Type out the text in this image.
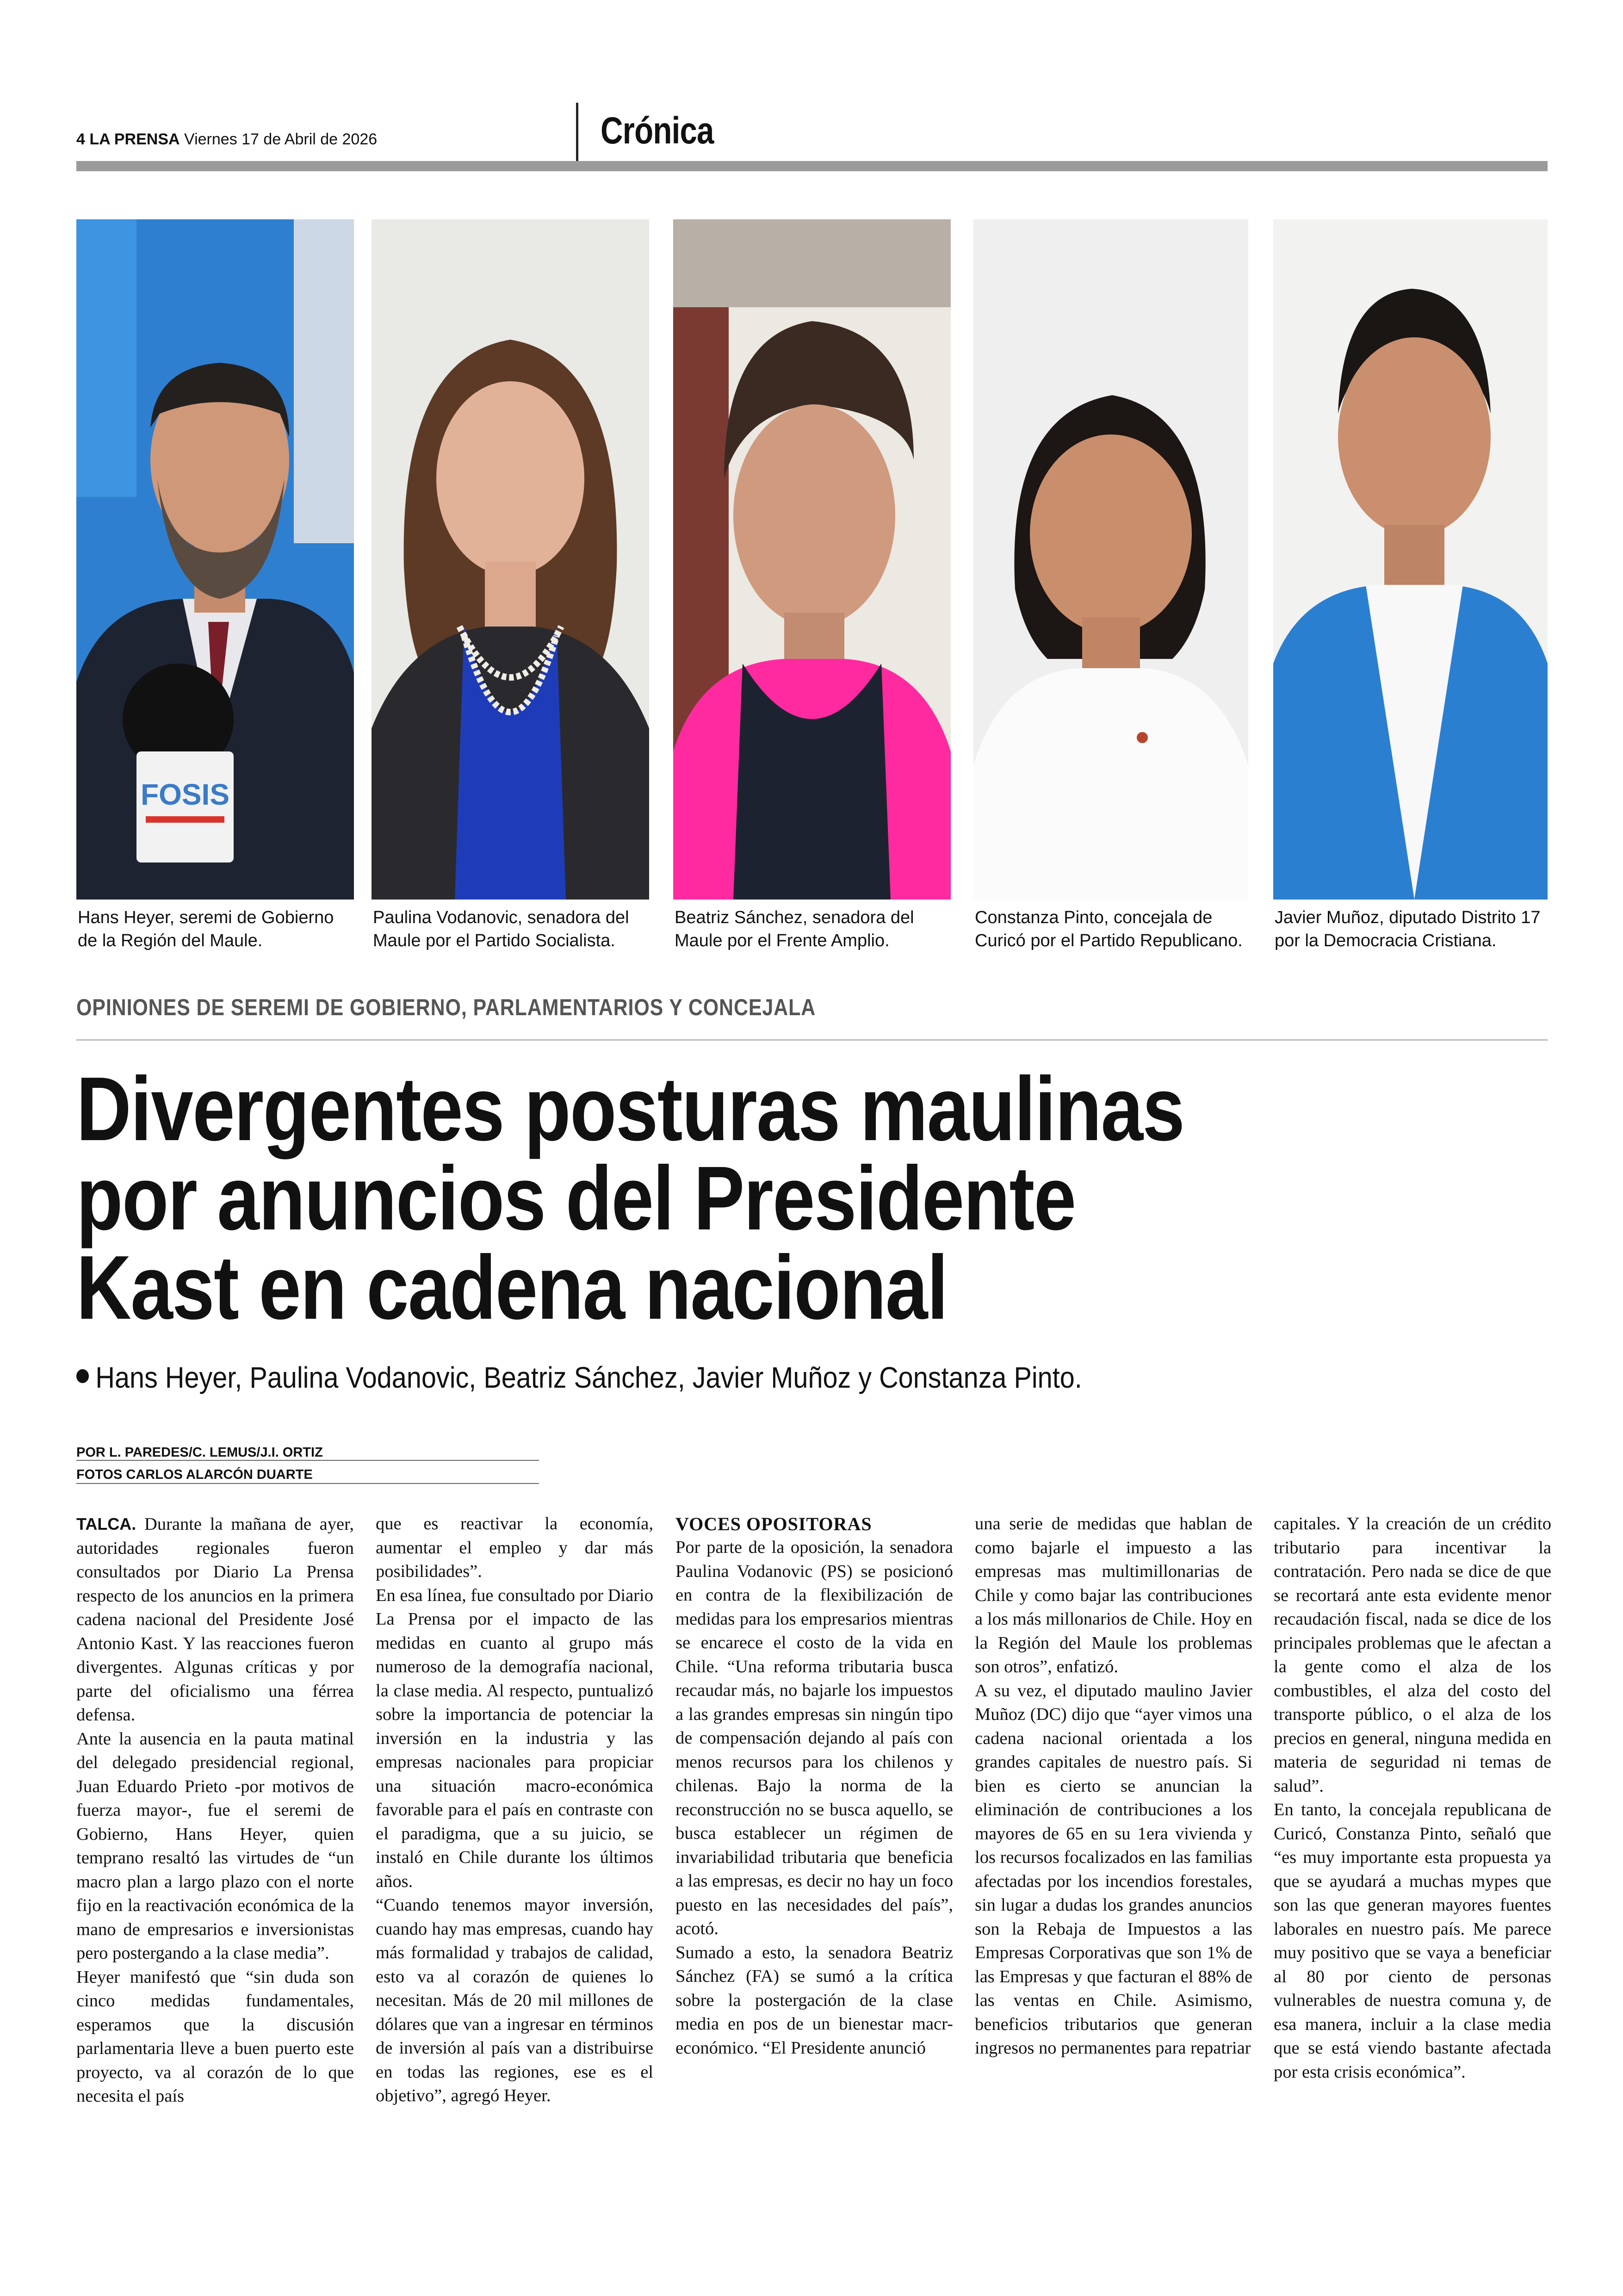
4 LA PRENSA Viernes 17 de Abril de 2026	Crónica
FOSIS
Hans Heyer, seremi de Gobierno de la Región del Maule.
Paulina Vodanovic, senadora del Maule por el Partido Socialista.
Beatriz Sánchez, senadora del Maule por el Frente Amplio.
Constanza Pinto, concejala de Curicó por el Partido Republicano.
Javier Muñoz, diputado Distrito 17 por la Democracia Cristiana.
OPINIONES DE SEREMI DE GOBIERNO, PARLAMENTARIOS Y CONCEJALA
Divergentes posturas maulinas
por anuncios del Presidente
Kast en cadena nacional
Hans Heyer, Paulina Vodanovic, Beatriz Sánchez, Javier Muñoz y Constanza Pinto.
POR L. PAREDES/C. LEMUS/J.I. ORTIZ
FOTOS CARLOS ALARCÓN DUARTE

TALCA. Durante la mañana de ayer, autoridades regionales fueron consultados por Diario La Prensa respecto de los anuncios en la primera cadena nacional del Presidente José Antonio Kast. Y las reacciones fueron divergentes. Algunas críticas y por parte del oficialismo una férrea defensa.

Ante la ausencia en la pauta matinal del delegado presidencial regional, Juan Eduardo Prieto -por motivos de fuerza mayor-, fue el seremi de Gobierno, Hans Heyer, quien temprano resaltó las virtudes de “un macro plan a largo plazo con el norte fijo en la reactivación económica de la mano de empresarios e inversionistas pero postergando a la clase media”.

Heyer manifestó que “sin duda son cinco medidas fundamentales, esperamos que la discusión parlamentaria lleve a buen puerto este proyecto, va al corazón de lo que necesita el país

que es reactivar la economía, aumentar el empleo y dar más posibilidades”.

En esa línea, fue consultado por Diario La Prensa por el impacto de las medidas en cuanto al grupo más numeroso de la demografía nacional, la clase media. Al respecto, puntualizó sobre la importancia de potenciar la inversión en la industria y las empresas nacionales para propiciar una situación macro-económica favorable para el país en contraste con el paradigma, que a su juicio, se instaló en Chile durante los últimos años.

“Cuando tenemos mayor inversión, cuando hay mas empresas, cuando hay más formalidad y trabajos de calidad, esto va al corazón de quienes lo necesitan. Más de 20 mil millones de dólares que van a ingresar en términos de inversión al país van a distribuirse en todas las regiones, ese es el objetivo”, agregó Heyer.

VOCES OPOSITORAS

Por parte de la oposición, la senadora Paulina Vodanovic (PS) se posicionó en contra de la flexibilización de medidas para los empresarios mientras se encarece el costo de la vida en Chile. “Una reforma tributaria busca recaudar más, no bajarle los impuestos a las grandes empresas sin ningún tipo de compensación dejando al país con menos recursos para los chilenos y chilenas. Bajo la norma de la reconstrucción no se busca aquello, se busca establecer un régimen de invariabilidad tributaria que beneficia a las empresas, es decir no hay un foco puesto en las necesidades del país”, acotó.

Sumado a esto, la senadora Beatriz Sánchez (FA) se sumó a la crítica sobre la postergación de la clase media en pos de un bienestar macr-económico. “El Presidente anunció

una serie de medidas que hablan de como bajarle el impuesto a las empresas mas multimillonarias de Chile y como bajar las contribuciones a los más millonarios de Chile. Hoy en la Región del Maule los problemas son otros”, enfatizó.

A su vez, el diputado maulino Javier Muñoz (DC) dijo que “ayer vimos una cadena nacional orientada a los grandes capitales de nuestro país. Si bien es cierto se anuncian la eliminación de contribuciones a los mayores de 65 en su 1era vivienda y los recursos focalizados en las familias afectadas por los incendios forestales, sin lugar a dudas los grandes anuncios son la Rebaja de Impuestos a las Empresas Corporativas que son 1% de las Empresas y que facturan el 88% de las ventas en Chile. Asimismo, beneficios tributarios que generan ingresos no permanentes para repatriar

capitales. Y la creación de un crédito tributario para incentivar la contratación. Pero nada se dice de que se recortará ante esta evidente menor recaudación fiscal, nada se dice de los principales problemas que le afectan a la gente como el alza de los combustibles, el alza del costo del transporte público, o el alza de los precios en general, ninguna medida en materia de seguridad ni temas de salud”.

En tanto, la concejala republicana de Curicó, Constanza Pinto, señaló que “es muy importante esta propuesta ya que se ayudará a muchas mypes que son las que generan mayores fuentes laborales en nuestro país. Me parece muy positivo que se vaya a beneficiar al 80 por ciento de personas vulnerables de nuestra comuna y, de esa manera, incluir a la clase media que se está viendo bastante afectada por esta crisis económica”.
